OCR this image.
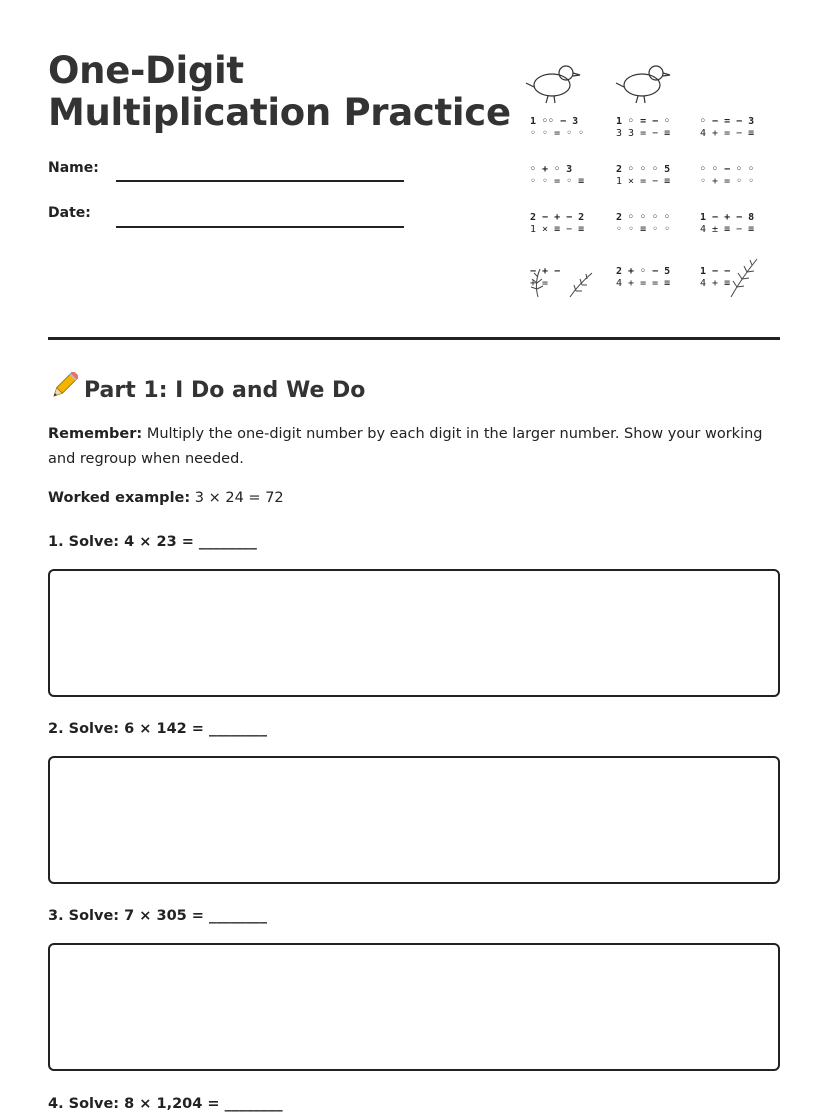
One-Digit
Multiplication Practice
Name:
Date:
1 ◦◦ − 3
◦ ◦ = ◦ ◦
1 ◦ = − ◦
3 3 = − ≡
◦ − = − 3
4 + = − ≡
◦ + ◦ 3
◦ ◦ = ◦ ≡
2 ◦ ◦ ◦ 5
1 × = − ≡
◦ ◦ − ◦ ◦
◦ + = ◦ ◦
2 − + − 2
1 × ≡ − ≡
2 ◦ ◦ ◦ ◦
◦ ◦ ≡ ◦ ◦
1 − + − 8
4 ± ≡ − ≡
− + −
+ =
2 + ◦ − 5
4 + = = ≡
1 − −
4 + ≡
Part 1: I Do and We Do
Remember: Multiply the one-digit number by each digit in the larger number. Show your working and regroup when needed.
Worked example: 3 × 24 = 72
1. Solve: 4 × 23 = ________
2. Solve: 6 × 142 = ________
3. Solve: 7 × 305 = ________
4. Solve: 8 × 1,204 = ________
